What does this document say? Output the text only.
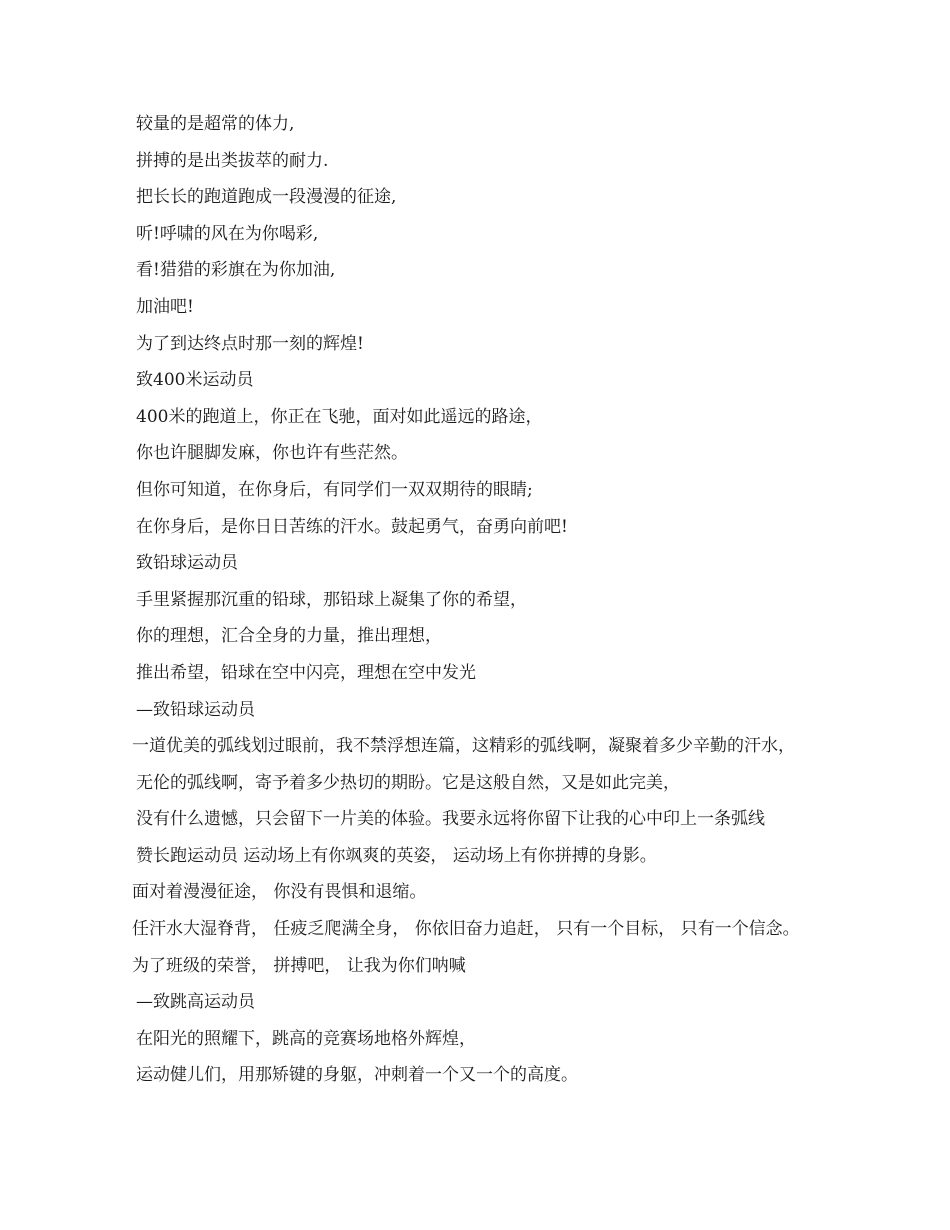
较量的是超常的体力,

拼搏的是出类拔萃的耐力.

把长长的跑道跑成一段漫漫的征途,

听!呼啸的风在为你喝彩,

看!猎猎的彩旗在为你加油,

加油吧!

为了到达终点时那一刻的辉煌!

致400米运动员

400米的跑道上，你正在飞驰，面对如此遥远的路途，

你也许腿脚发麻，你也许有些茫然。

但你可知道，在你身后，有同学们一双双期待的眼睛;

在你身后，是你日日苦练的汗水。鼓起勇气，奋勇向前吧!

致铅球运动员

手里紧握那沉重的铅球，那铅球上凝集了你的希望，

你的理想，汇合全身的力量，推出理想，

推出希望，铅球在空中闪亮，理想在空中发光

—致铅球运动员

一道优美的弧线划过眼前，我不禁浮想连篇，这精彩的弧线啊，凝聚着多少辛勤的汗水，

无伦的弧线啊，寄予着多少热切的期盼。它是这般自然，又是如此完美，

没有什么遗憾，只会留下一片美的体验。我要永远将你留下让我的心中印上一条弧线

赞长跑运动员 运动场上有你飒爽的英姿， 运动场上有你拼搏的身影。

面对着漫漫征途， 你没有畏惧和退缩。

任汗水大湿脊背， 任疲乏爬满全身， 你依旧奋力追赶， 只有一个目标， 只有一个信念。

为了班级的荣誉， 拼搏吧， 让我为你们呐喊

—致跳高运动员

在阳光的照耀下，跳高的竞赛场地格外辉煌，

运动健儿们，用那矫键的身躯，冲刺着一个又一个的高度。
